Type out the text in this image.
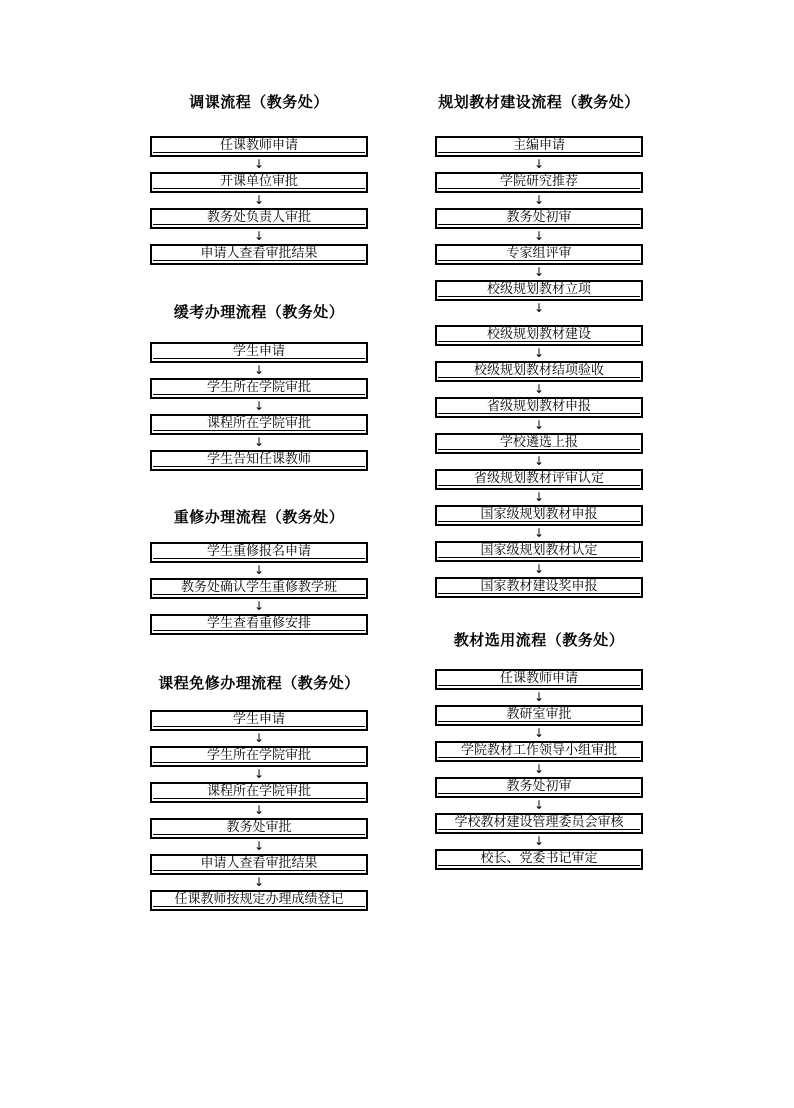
调课流程（教务处）
任课教师申请
↓
开课单位审批
↓
教务处负责人审批
↓
申请人查看审批结果
缓考办理流程（教务处）
学生申请
↓
学生所在学院审批
↓
课程所在学院审批
↓
学生告知任课教师
重修办理流程（教务处）
学生重修报名申请
↓
教务处确认学生重修教学班
↓
学生查看重修安排
课程免修办理流程（教务处）
学生申请
↓
学生所在学院审批
↓
课程所在学院审批
↓
教务处审批
↓
申请人查看审批结果
↓
任课教师按规定办理成绩登记
规划教材建设流程（教务处）
主编申请
↓
学院研究推荐
↓
教务处初审
↓
专家组评审
↓
校级规划教材立项
↓
校级规划教材建设
↓
校级规划教材结项验收
↓
省级规划教材申报
↓
学校遴选上报
↓
省级规划教材评审认定
↓
国家级规划教材申报
↓
国家级规划教材认定
↓
国家教材建设奖申报
教材选用流程（教务处）
任课教师申请
↓
教研室审批
↓
学院教材工作领导小组审批
↓
教务处初审
↓
学校教材建设管理委员会审核
↓
校长、党委书记审定
